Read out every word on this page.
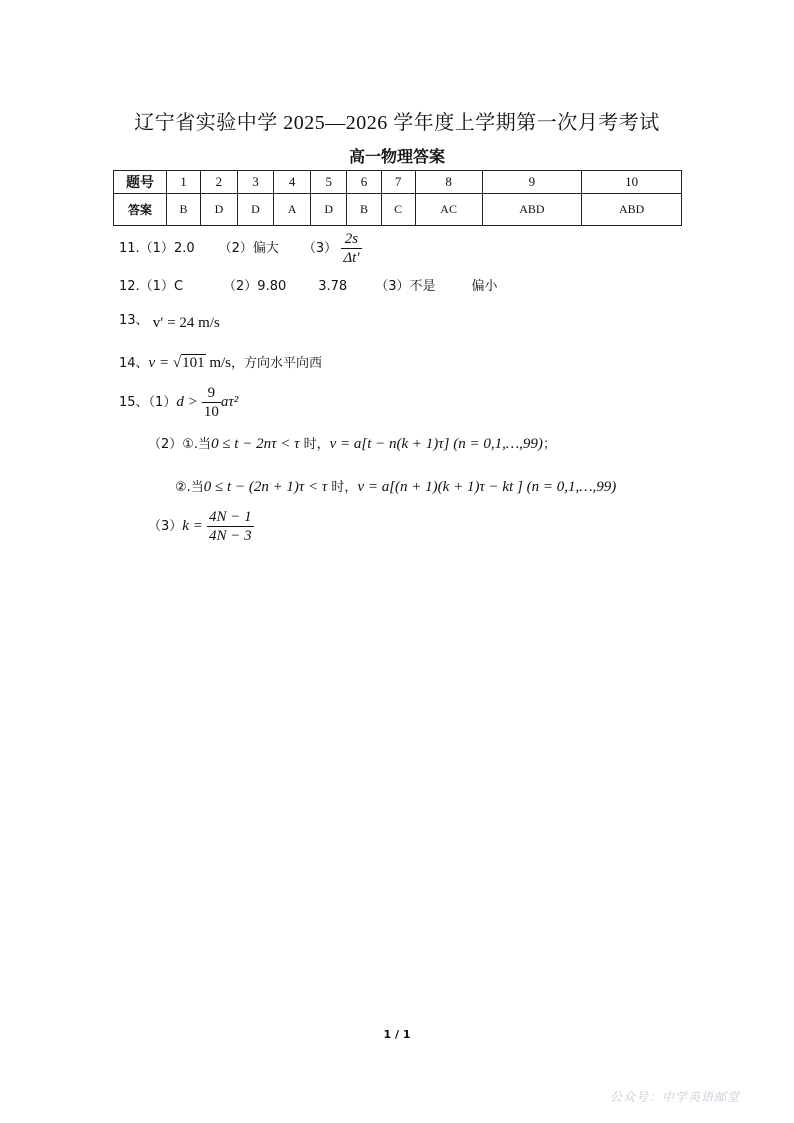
辽宁省实验中学 2025—2026 学年度上学期第一次月考考试
高一物理答案
题号	1	2	3	4	5	6	7	8	9	10
答案	B	D	D	A	D	B	C	AC	ABD	ABD
11.（1）2.0 （2）偏大 $(3) \frac{2s}{\Delta t'}$
12.（1）C	（2）9.80 3.78 （3）不是	偏小
13、 v′ = 24 m/s
14、v = √101 m/s，方向水平向西
15、$(1)d > \frac{9}{10} a\tau^2$
（2）①.当0 ≤ t − 2nτ < τ 时，v = a[t − n(k + 1)τ] (n = 0,1,…,99)；
②.当0 ≤ t − (2n + 1)τ < τ 时，v = a[(n + 1)(k + 1)τ − kt ] (n = 0,1,…,99)
$(3)k = \frac{4N - 1}{4N - 3}$
1 / 1
公众号：中学英语邮堂
